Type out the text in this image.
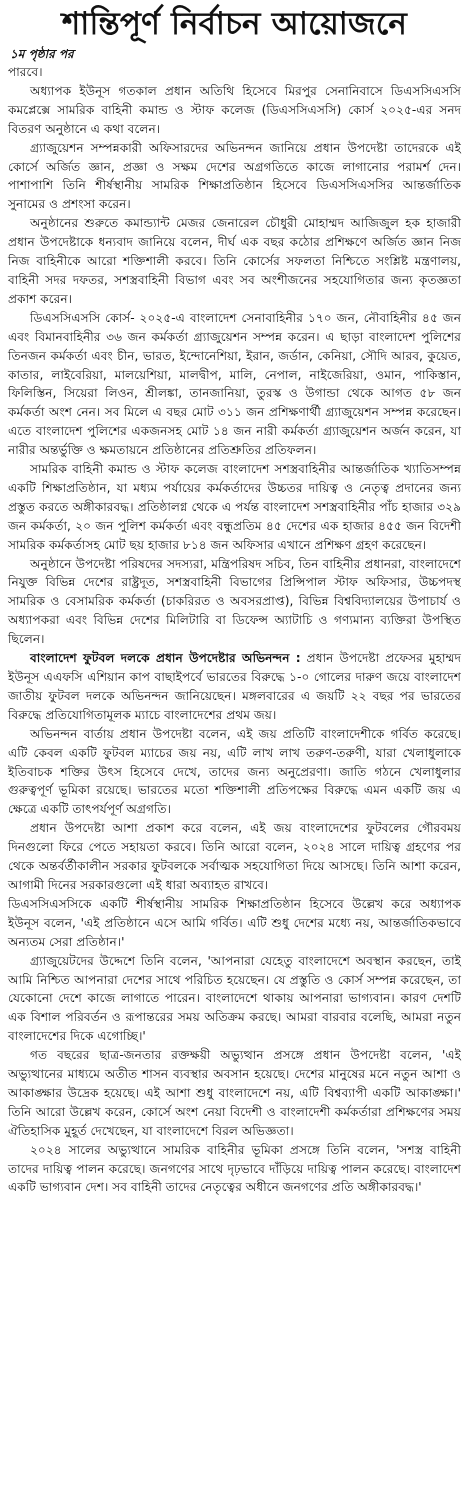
শান্তিপূর্ণ নির্বাচন আয়োজনে
১ম পৃষ্ঠার পর

পারবে।

অধ্যাপক ইউনূস গতকাল প্রধান অতিথি হিসেবে মিরপুর সেনানিবাসে ডিএসসিএসসি কমপ্লেক্সে সামরিক বাহিনী কমান্ড ও স্টাফ কলেজ (ডিএসসিএসসি) কোর্স ২০২৫-এর সনদ বিতরণ অনুষ্ঠানে এ কথা বলেন।

গ্র্যাজুয়েশন সম্পন্নকারী অফিসারদের অভিনন্দন জানিয়ে প্রধান উপদেষ্টা তাদেরকে এই কোর্সে অর্জিত জ্ঞান, প্রজ্ঞা ও সক্ষম দেশের অগ্রগতিতে কাজে লাগানোর পরামর্শ দেন। পাশাপাশি তিনি শীর্ষস্থানীয় সামরিক শিক্ষাপ্রতিষ্ঠান হিসেবে ডিএসসিএসসির আন্তর্জাতিক সুনামের ও প্রশংসা করেন।

অনুষ্ঠানের শুরুতে কমান্ড্যান্ট মেজর জেনারেল চৌধুরী মোহাম্মদ আজিজুল হক হাজারী প্রধান উপদেষ্টাকে ধন্যবাদ জানিয়ে বলেন, দীর্ঘ এক বছর কঠোর প্রশিক্ষণে অর্জিত জ্ঞান নিজ নিজ বাহিনীকে আরো শক্তিশালী করবে। তিনি কোর্সের সফলতা নিশ্চিতে সংশ্লিষ্ট মন্ত্রণালয়, বাহিনী সদর দফতর, সশস্ত্রবাহিনী বিভাগ এবং সব অংশীজনের সহযোগিতার জন্য কৃতজ্ঞতা প্রকাশ করেন।

ডিএসসিএসসি কোর্স- ২০২৫-এ বাংলাদেশ সেনাবাহিনীর ১৭০ জন, নৌবাহিনীর ৪৫ জন এবং বিমানবাহিনীর ৩৬ জন কর্মকর্তা গ্র্যাজুয়েশন সম্পন্ন করেন। এ ছাড়া বাংলাদেশ পুলিশের তিনজন কর্মকর্তা এবং চীন, ভারত, ইন্দোনেশিয়া, ইরান, জর্ডান, কেনিয়া, সৌদি আরব, কুয়েত, কাতার, লাইবেরিয়া, মালয়েশিয়া, মালদ্বীপ, মালি, নেপাল, নাইজেরিয়া, ওমান, পাকিস্তান, ফিলিস্তিন, সিয়েরা লিওন, শ্রীলঙ্কা, তানজানিয়া, তুরস্ক ও উগান্ডা থেকে আগত ৫৮ জন কর্মকর্তা অংশ নেন। সব মিলে এ বছর মোট ৩১১ জন প্রশিক্ষণার্থী গ্র্যাজুয়েশন সম্পন্ন করেছেন। এতে বাংলাদেশ পুলিশের একজনসহ মোট ১৪ জন নারী কর্মকর্তা গ্র্যাজুয়েশন অর্জন করেন, যা নারীর অন্তর্ভুক্তি ও ক্ষমতায়নে প্রতিষ্ঠানের প্রতিশ্রুতির প্রতিফলন।

সামরিক বাহিনী কমান্ড ও স্টাফ কলেজ বাংলাদেশ সশস্ত্রবাহিনীর আন্তর্জাতিক খ্যাতিসম্পন্ন একটি শিক্ষাপ্রতিষ্ঠান, যা মধ্যম পর্যায়ের কর্মকর্তাদের উচ্চতর দায়িত্ব ও নেতৃত্ব প্রদানের জন্য প্রস্তুত করতে অঙ্গীকারবদ্ধ। প্রতিষ্ঠালগ্ন থেকে এ পর্যন্ত বাংলাদেশ সশস্ত্রবাহিনীর পাঁচ হাজার ৩২৯ জন কর্মকর্তা, ২০ জন পুলিশ কর্মকর্তা এবং বন্ধুপ্রতিম ৪৫ দেশের এক হাজার ৪৫৫ জন বিদেশী সামরিক কর্মকর্তাসহ মোট ছয় হাজার ৮১৪ জন অফিসার এখানে প্রশিক্ষণ গ্রহণ করেছেন।

অনুষ্ঠানে উপদেষ্টা পরিষদের সদস্যরা, মন্ত্রিপরিষদ সচিব, তিন বাহিনীর প্রধানরা, বাংলাদেশে নিযুক্ত বিভিন্ন দেশের রাষ্ট্রদূত, সশস্ত্রবাহিনী বিভাগের প্রিন্সিপাল স্টাফ অফিসার, উচ্চপদস্থ সামরিক ও বেসামরিক কর্মকর্তা (চাকরিরত ও অবসরপ্রাপ্ত), বিভিন্ন বিশ্ববিদ্যালয়ের উপাচার্য ও অধ্যাপকরা এবং বিভিন্ন দেশের মিলিটারি বা ডিফেন্স অ্যাটাচি ও গণ্যমান্য ব্যক্তিরা উপস্থিত ছিলেন।

বাংলাদেশ ফুটবল দলকে প্রধান উপদেষ্টার অভিনন্দন : প্রধান উপদেষ্টা প্রফেসর মুহাম্মদ ইউনূস এএফসি এশিয়ান কাপ বাছাইপর্বে ভারতের বিরুদ্ধে ১-০ গোলের দারুণ জয়ে বাংলাদেশ জাতীয় ফুটবল দলকে অভিনন্দন জানিয়েছেন। মঙ্গলবারের এ জয়টি ২২ বছর পর ভারতের বিরুদ্ধে প্রতিযোগিতামূলক ম্যাচে বাংলাদেশের প্রথম জয়।

অভিনন্দন বার্তায় প্রধান উপদেষ্টা বলেন, এই জয় প্রতিটি বাংলাদেশীকে গর্বিত করেছে। এটি কেবল একটি ফুটবল ম্যাচের জয় নয়, এটি লাখ লাখ তরুণ-তরুণী, যারা খেলাধুলাকে ইতিবাচক শক্তির উৎস হিসেবে দেখে, তাদের জন্য অনুপ্রেরণা। জাতি গঠনে খেলাধুলার গুরুত্বপূর্ণ ভূমিকা রয়েছে। ভারতের মতো শক্তিশালী প্রতিপক্ষের বিরুদ্ধে এমন একটি জয় এ ক্ষেত্রে একটি তাৎপর্যপূর্ণ অগ্রগতি।

প্রধান উপদেষ্টা আশা প্রকাশ করে বলেন, এই জয় বাংলাদেশের ফুটবলের গৌরবময় দিনগুলো ফিরে পেতে সহায়তা করবে। তিনি আরো বলেন, ২০২৪ সালে দায়িত্ব গ্রহণের পর থেকে অন্তর্বর্তীকালীন সরকার ফুটবলকে সর্বাত্মক সহযোগিতা দিয়ে আসছে। তিনি আশা করেন, আগামী দিনের সরকারগুলো এই ধারা অব্যাহত রাখবে।

ডিএসসিএসসিকে একটি শীর্ষস্থানীয় সামরিক শিক্ষাপ্রতিষ্ঠান হিসেবে উল্লেখ করে অধ্যাপক ইউনূস বলেন, 'এই প্রতিষ্ঠানে এসে আমি গর্বিত। এটি শুধু দেশের মধ্যে নয়, আন্তর্জাতিকভাবে অন্যতম সেরা প্রতিষ্ঠান।'

গ্র্যাজুয়েটদের উদ্দেশে তিনি বলেন, 'আপনারা যেহেতু বাংলাদেশে অবস্থান করছেন, তাই আমি নিশ্চিত আপনারা দেশের সাথে পরিচিত হয়েছেন। যে প্রস্তুতি ও কোর্স সম্পন্ন করেছেন, তা যেকোনো দেশে কাজে লাগাতে পারেন। বাংলাদেশে থাকায় আপনারা ভাগ্যবান। কারণ দেশটি এক বিশাল পরিবর্তন ও রূপান্তরের সময় অতিক্রম করছে। আমরা বারবার বলেছি, আমরা নতুন বাংলাদেশের দিকে এগোচ্ছি।'

গত বছরের ছাত্র-জনতার রক্তক্ষয়ী অভ্যুত্থান প্রসঙ্গে প্রধান উপদেষ্টা বলেন, 'এই অভ্যুত্থানের মাধ্যমে অতীত শাসন ব্যবস্থার অবসান হয়েছে। দেশের মানুষের মনে নতুন আশা ও আকাঙ্ক্ষার উদ্রেক হয়েছে। এই আশা শুধু বাংলাদেশে নয়, এটি বিশ্বব্যাপী একটি আকাঙ্ক্ষা।' তিনি আরো উল্লেখ করেন, কোর্সে অংশ নেয়া বিদেশী ও বাংলাদেশী কর্মকর্তারা প্রশিক্ষণের সময় ঐতিহাসিক মুহূর্ত দেখেছেন, যা বাংলাদেশে বিরল অভিজ্ঞতা।

২০২৪ সালের অভ্যুত্থানে সামরিক বাহিনীর ভূমিকা প্রসঙ্গে তিনি বলেন, 'সশস্ত্র বাহিনী তাদের দায়িত্ব পালন করেছে। জনগণের সাথে দৃঢ়ভাবে দাঁড়িয়ে দায়িত্ব পালন করেছে। বাংলাদেশ একটি ভাগ্যবান দেশ। সব বাহিনী তাদের নেতৃত্বের অধীনে জনগণের প্রতি অঙ্গীকারবদ্ধ।'
